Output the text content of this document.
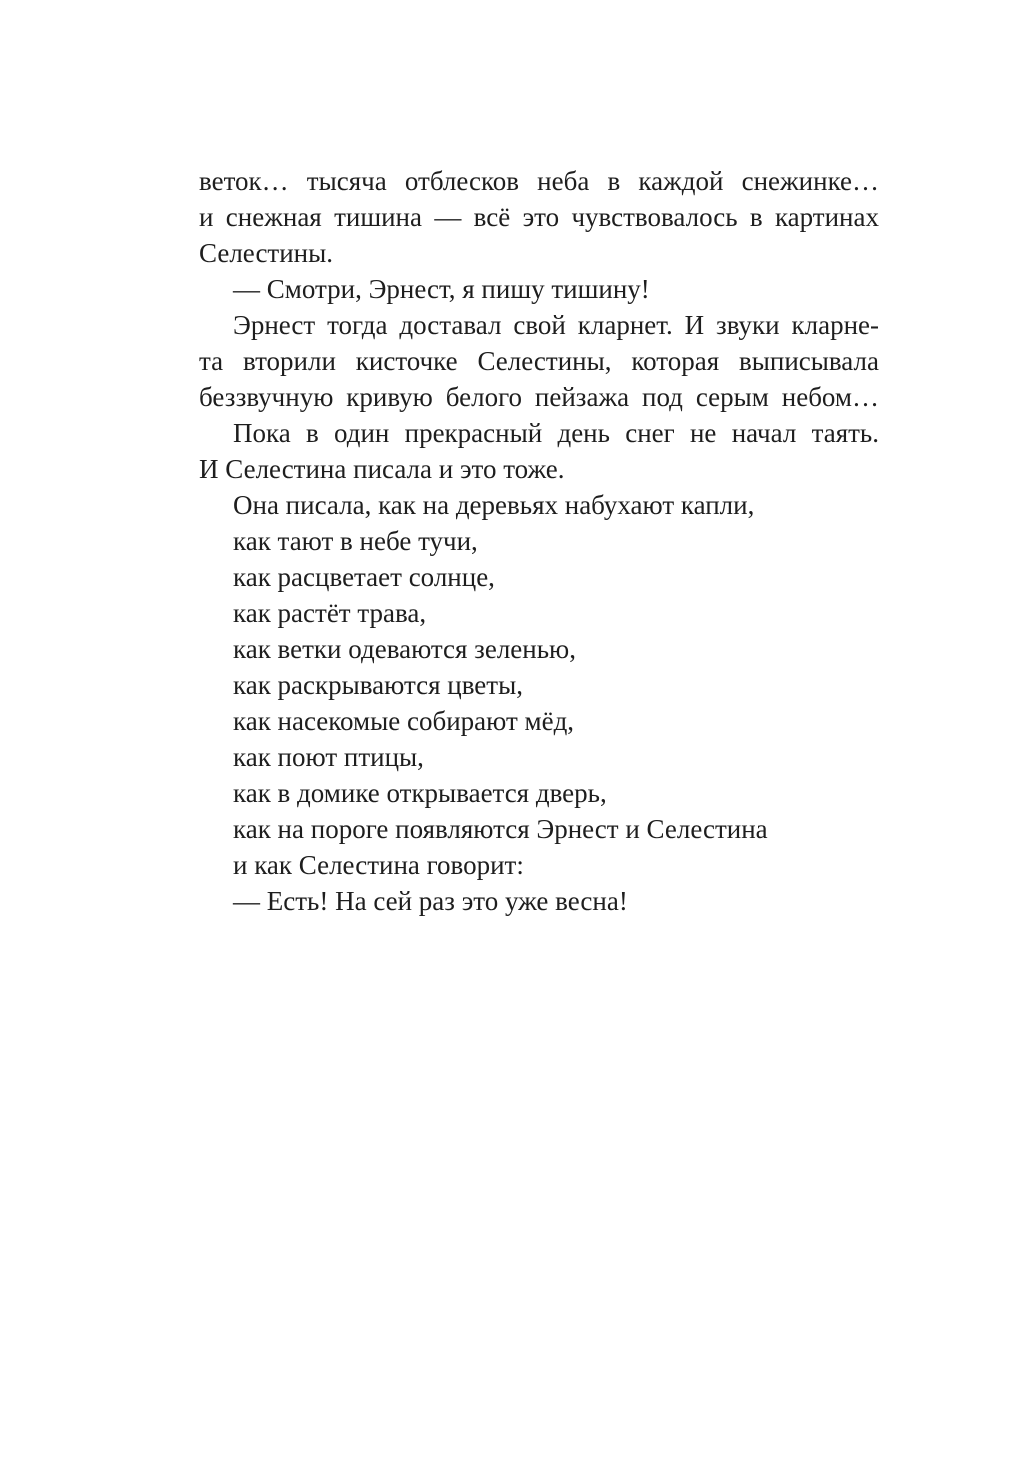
веток… тысяча отблесков неба в каждой снежинке…
и снежная тишина — всё это чувствовалось в картинах
Селестины.
— Смотри, Эрнест, я пишу тишину!
Эрнест тогда доставал свой кларнет. И звуки кларне-
та вторили кисточке Селестины, которая выписывала
беззвучную кривую белого пейзажа под серым небом…
Пока в один прекрасный день снег не начал таять.
И Селестина писала и это тоже.
Она писала, как на деревьях набухают капли,
как тают в небе тучи,
как расцветает солнце,
как растёт трава,
как ветки одеваются зеленью,
как раскрываются цветы,
как насекомые собирают мёд,
как поют птицы,
как в домике открывается дверь,
как на пороге появляются Эрнест и Селестина
и как Селестина говорит:
— Есть! На сей раз это уже весна!
